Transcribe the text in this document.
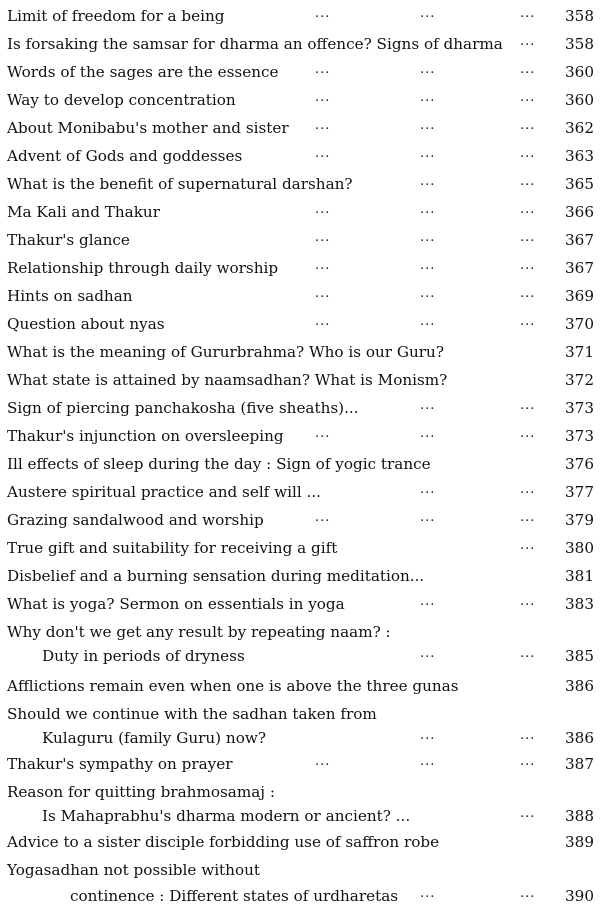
Limit of freedom for a being	...	...	...	358
Is forsaking the samsar for dharma an offence? Signs of dharma ...	358
Words of the sages are the essence	...	...	...	360
Way to develop concentration	...	...	...	360
About Monibabu's mother and sister ...	...	...	362
Advent of Gods and goddesses	...	...	...	363
What is the benefit of supernatural darshan?	...	...	365
Ma Kali and Thakur	...	...	...	366
Thakur's glance	...	...	...	367
Relationship through daily worship	...	...	...	367
Hints on sadhan	...	...	...	369
Question about nyas	...	...	...	370
What is the meaning of Gururbrahma? Who is our Guru?	371
What state is attained by naamsadhan? What is Monism?	372
Sign of piercing panchakosha (five sheaths)...	...	...	373
Thakur's injunction on oversleeping ...	...	...	373
Ill effects of sleep during the day : Sign of yogic trance	376
Austere spiritual practice and self will ...	...	...	377
Grazing sandalwood and worship	...	...	...	379
True gift and suitability for receiving a gift	...	380
Disbelief and a burning sensation during meditation...	381
What is yoga? Sermon on essentials in yoga	...	...	383
Why don't we get any result by repeating naam? :
Duty in periods of dryness	...	...	385
Afflictions remain even when one is above the three gunas	386
Should we continue with the sadhan taken from
Kulaguru (family Guru) now?	...	...	386
Thakur's sympathy on prayer	...	...	...	387
Reason for quitting brahmosamaj :
Is Mahaprabhu's dharma modern or ancient? ...	...	388
Advice to a sister disciple forbidding use of saffron robe	389
Yogasadhan not possible without
continence : Different states of urdharetas ...	...	390
